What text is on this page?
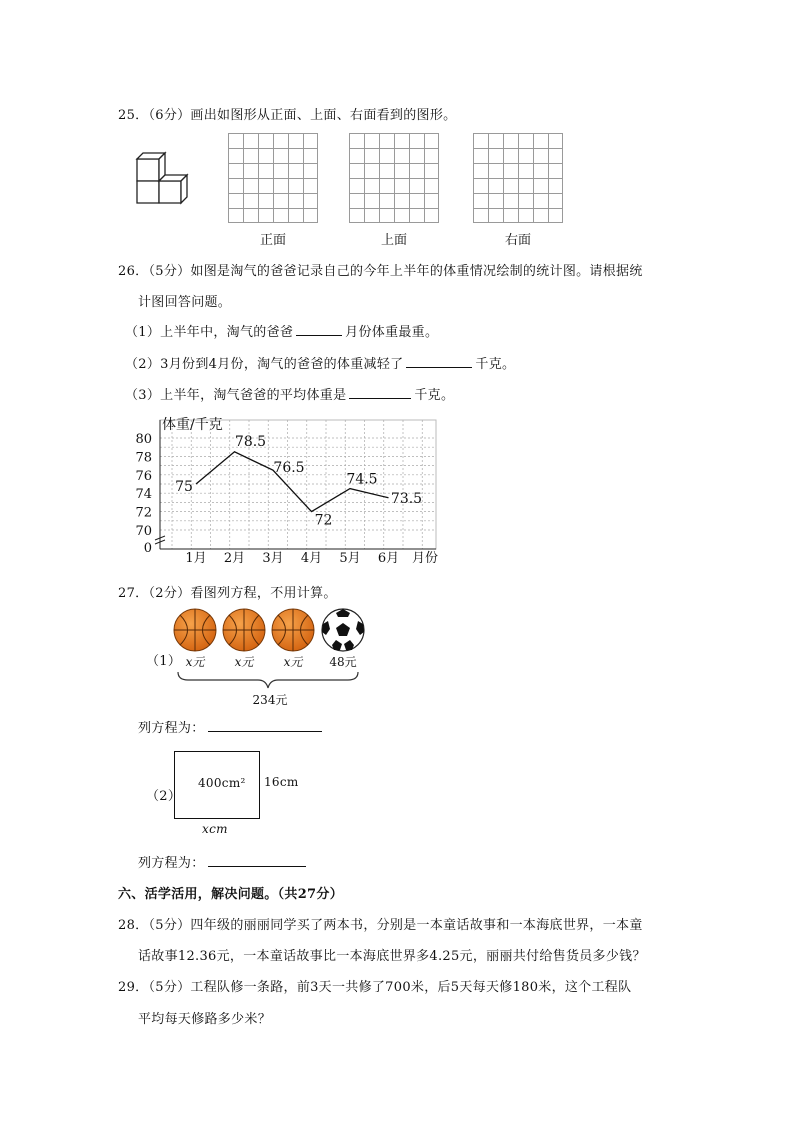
25．（6分）画出如图形从正面、上面、右面看到的图形。
正面	上面	右面
26．（5分）如图是淘气的爸爸记录自己的今年上半年的体重情况绘制的统计图。请根据统
计图回答问题。
（1）上半年中，淘气的爸爸	月份体重最重。
（2）3月份到4月份，淘气的爸爸的体重减轻了	千克。
（3）上半年，淘气爸爸的平均体重是	千克。
80
78
76
74
72
70
0
1月 2月 3月 4月 5月 6月
75
78.5
76.5
72
74.5
73.5
体重/千克
月份
27．（2分）看图列方程，不用计算。
（1） x元	x元	x元 48元
234元
列方程为：
（2）
400cm² 16cm
xcm
列方程为：
六、活学活用，解决问题。（共27分）
28．（5分）四年级的丽丽同学买了两本书，分别是一本童话故事和一本海底世界，一本童
话故事12.36元，一本童话故事比一本海底世界多4.25元，丽丽共付给售货员多少钱？
29．（5分）工程队修一条路，前3天一共修了700米，后5天每天修180米，这个工程队
平均每天修路多少米？
